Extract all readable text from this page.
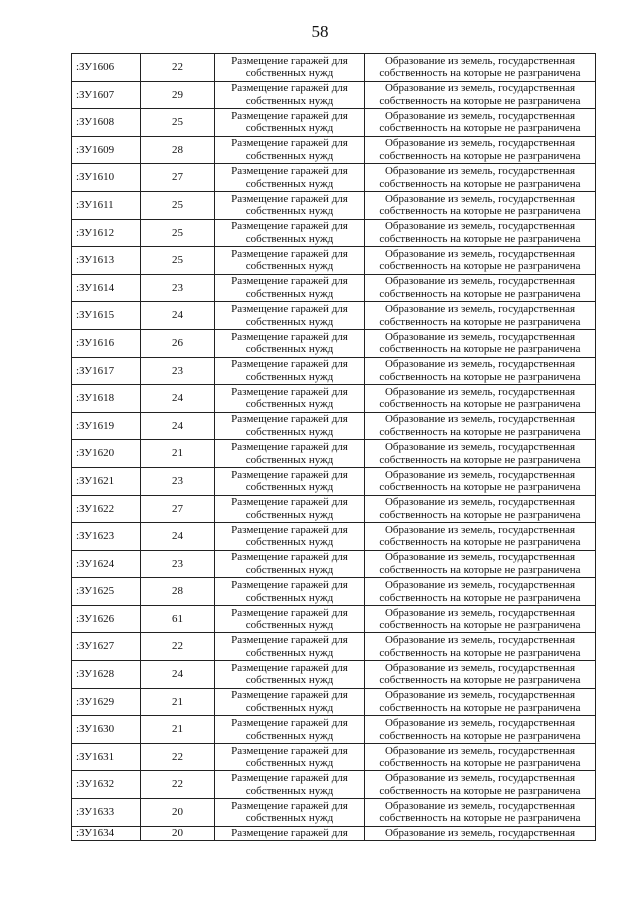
58
:ЗУ1606	22	Размещение гаражей для
собственных нужд	Образование из земель, государственная
собственность на которые не разграничена

:ЗУ1607	29	Размещение гаражей для
собственных нужд	Образование из земель, государственная
собственность на которые не разграничена

:ЗУ1608	25	Размещение гаражей для
собственных нужд	Образование из земель, государственная
собственность на которые не разграничена

:ЗУ1609	28	Размещение гаражей для
собственных нужд	Образование из земель, государственная
собственность на которые не разграничена

:ЗУ1610	27	Размещение гаражей для
собственных нужд	Образование из земель, государственная
собственность на которые не разграничена

:ЗУ1611	25	Размещение гаражей для
собственных нужд	Образование из земель, государственная
собственность на которые не разграничена

:ЗУ1612	25	Размещение гаражей для
собственных нужд	Образование из земель, государственная
собственность на которые не разграничена

:ЗУ1613	25	Размещение гаражей для
собственных нужд	Образование из земель, государственная
собственность на которые не разграничена

:ЗУ1614	23	Размещение гаражей для
собственных нужд	Образование из земель, государственная
собственность на которые не разграничена

:ЗУ1615	24	Размещение гаражей для
собственных нужд	Образование из земель, государственная
собственность на которые не разграничена

:ЗУ1616	26	Размещение гаражей для
собственных нужд	Образование из земель, государственная
собственность на которые не разграничена

:ЗУ1617	23	Размещение гаражей для
собственных нужд	Образование из земель, государственная
собственность на которые не разграничена

:ЗУ1618	24	Размещение гаражей для
собственных нужд	Образование из земель, государственная
собственность на которые не разграничена

:ЗУ1619	24	Размещение гаражей для
собственных нужд	Образование из земель, государственная
собственность на которые не разграничена

:ЗУ1620	21	Размещение гаражей для
собственных нужд	Образование из земель, государственная
собственность на которые не разграничена

:ЗУ1621	23	Размещение гаражей для
собственных нужд	Образование из земель, государственная
собственность на которые не разграничена

:ЗУ1622	27	Размещение гаражей для
собственных нужд	Образование из земель, государственная
собственность на которые не разграничена

:ЗУ1623	24	Размещение гаражей для
собственных нужд	Образование из земель, государственная
собственность на которые не разграничена

:ЗУ1624	23	Размещение гаражей для
собственных нужд	Образование из земель, государственная
собственность на которые не разграничена

:ЗУ1625	28	Размещение гаражей для
собственных нужд	Образование из земель, государственная
собственность на которые не разграничена

:ЗУ1626	61	Размещение гаражей для
собственных нужд	Образование из земель, государственная
собственность на которые не разграничена

:ЗУ1627	22	Размещение гаражей для
собственных нужд	Образование из земель, государственная
собственность на которые не разграничена

:ЗУ1628	24	Размещение гаражей для
собственных нужд	Образование из земель, государственная
собственность на которые не разграничена

:ЗУ1629	21	Размещение гаражей для
собственных нужд	Образование из земель, государственная
собственность на которые не разграничена

:ЗУ1630	21	Размещение гаражей для
собственных нужд	Образование из земель, государственная
собственность на которые не разграничена

:ЗУ1631	22	Размещение гаражей для
собственных нужд	Образование из земель, государственная
собственность на которые не разграничена

:ЗУ1632	22	Размещение гаражей для
собственных нужд	Образование из земель, государственная
собственность на которые не разграничена

:ЗУ1633	20	Размещение гаражей для
собственных нужд	Образование из земель, государственная
собственность на которые не разграничена

:ЗУ1634	20	Размещение гаражей для	Образование из земель, государственная
